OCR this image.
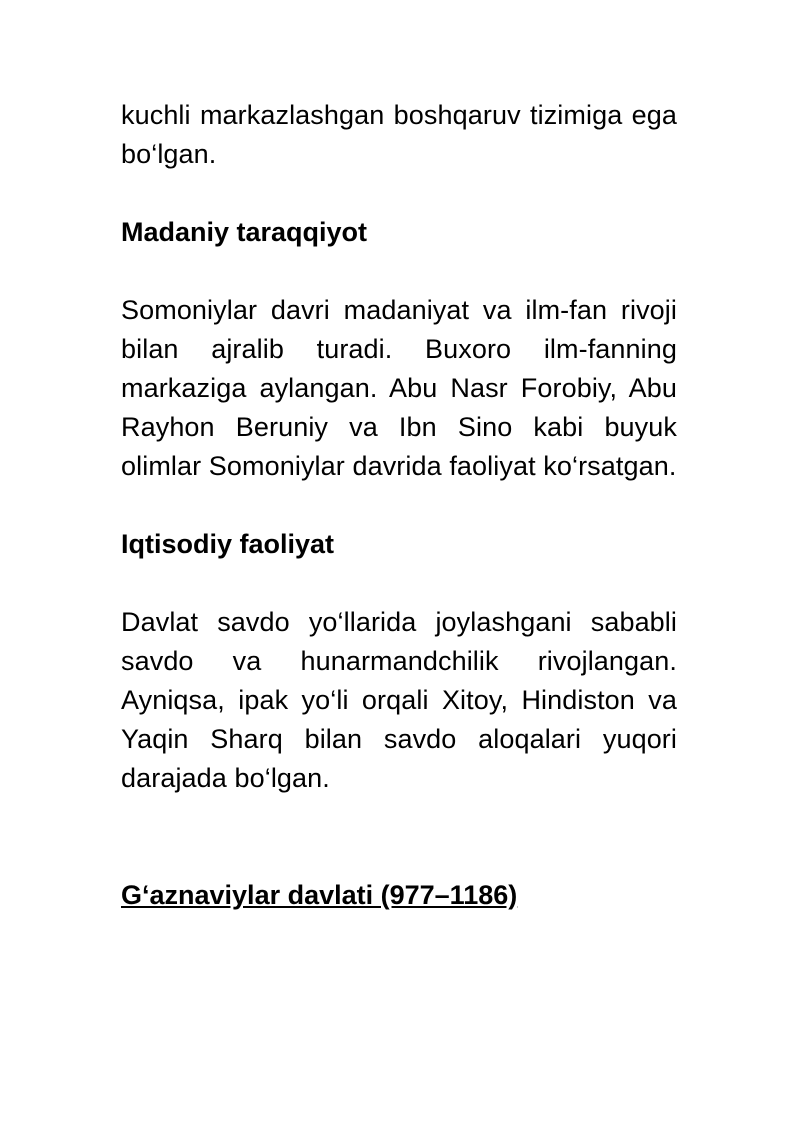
kuchli markazlashgan boshqaruv tizimiga ega bo‘lgan.

Madaniy taraqqiyot

Somoniylar davri madaniyat va ilm-fan rivoji bilan ajralib turadi. Buxoro ilm-fanning markaziga aylangan. Abu Nasr Forobiy, Abu Rayhon Beruniy va Ibn Sino kabi buyuk olimlar Somoniylar davrida faoliyat ko‘rsatgan.

Iqtisodiy faoliyat

Davlat savdo yo‘llarida joylashgani sababli savdo va hunarmandchilik rivojlangan. Ayniqsa, ipak yo‘li orqali Xitoy, Hindiston va Yaqin Sharq bilan savdo aloqalari yuqori darajada bo‘lgan.

G‘aznaviylar davlati (977–1186)
